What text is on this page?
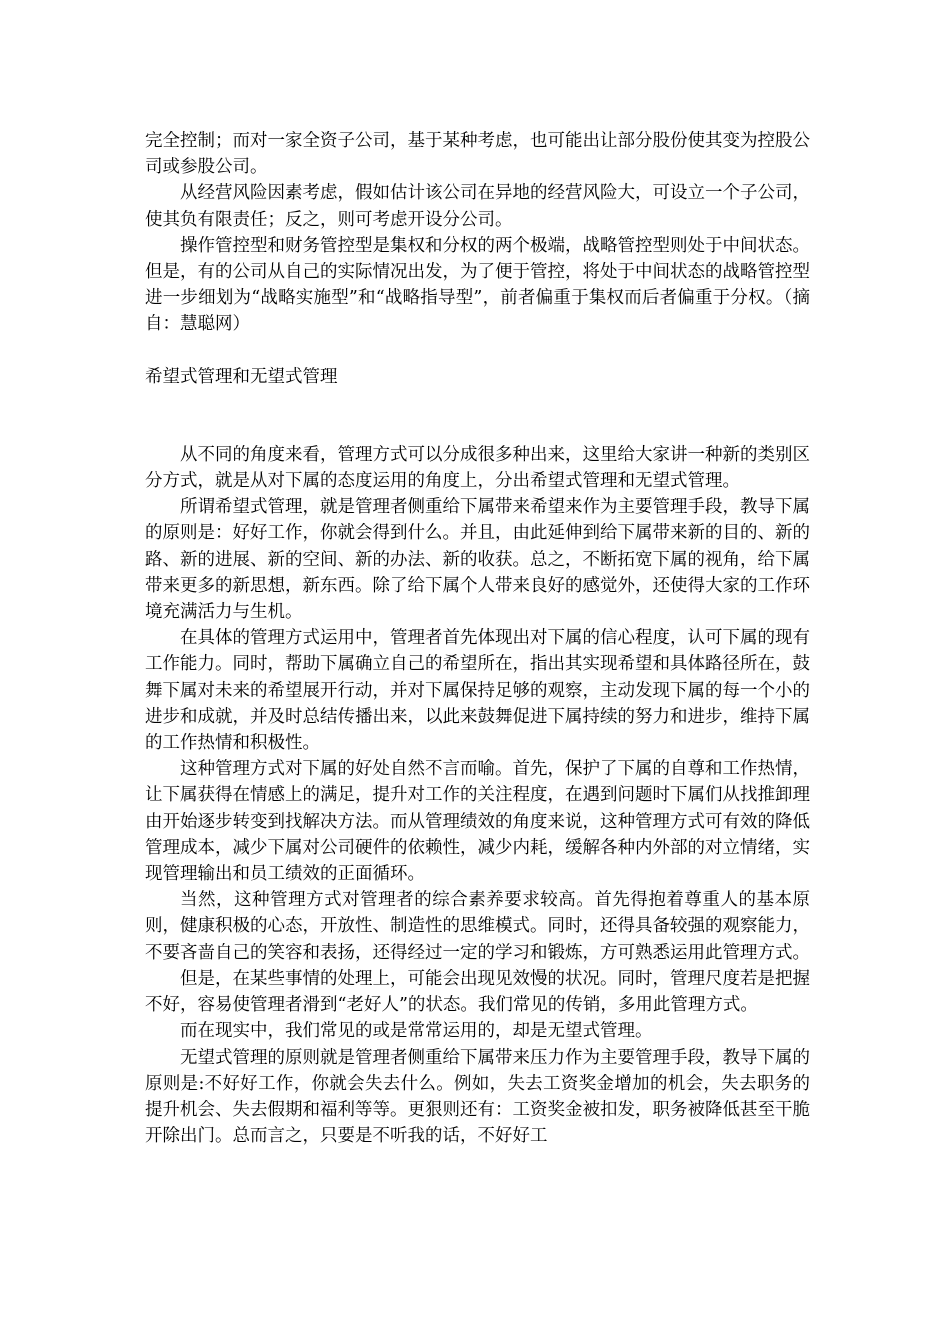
完全控制；而对一家全资子公司，基于某种考虑，也可能出让部分股份使其变为控股公司或参股公司。

从经营风险因素考虑，假如估计该公司在异地的经营风险大，可设立一个子公司，使其负有限责任；反之，则可考虑开设分公司。

操作管控型和财务管控型是集权和分权的两个极端，战略管控型则处于中间状态。但是，有的公司从自己的实际情况出发，为了便于管控，将处于中间状态的战略管控型进一步细划为“战略实施型”和“战略指导型”，前者偏重于集权而后者偏重于分权。（摘自：慧聪网）

希望式管理和无望式管理

从不同的角度来看，管理方式可以分成很多种出来，这里给大家讲一种新的类别区分方式，就是从对下属的态度运用的角度上，分出希望式管理和无望式管理。

所谓希望式管理，就是管理者侧重给下属带来希望来作为主要管理手段，教导下属的原则是：好好工作，你就会得到什么。并且，由此延伸到给下属带来新的目的、新的路、新的进展、新的空间、新的办法、新的收获。总之，不断拓宽下属的视角，给下属带来更多的新思想，新东西。除了给下属个人带来良好的感觉外，还使得大家的工作环境充满活力与生机。

在具体的管理方式运用中，管理者首先体现出对下属的信心程度，认可下属的现有工作能力。同时，帮助下属确立自己的希望所在，指出其实现希望和具体路径所在，鼓舞下属对未来的希望展开行动，并对下属保持足够的观察，主动发现下属的每一个小的进步和成就，并及时总结传播出来，以此来鼓舞促进下属持续的努力和进步，维持下属的工作热情和积极性。

这种管理方式对下属的好处自然不言而喻。首先，保护了下属的自尊和工作热情，让下属获得在情感上的满足，提升对工作的关注程度，在遇到问题时下属们从找推卸理由开始逐步转变到找解决方法。而从管理绩效的角度来说，这种管理方式可有效的降低管理成本，减少下属对公司硬件的依赖性，减少内耗，缓解各种内外部的对立情绪，实现管理输出和员工绩效的正面循环。

当然，这种管理方式对管理者的综合素养要求较高。首先得抱着尊重人的基本原则，健康积极的心态，开放性、制造性的思维模式。同时，还得具备较强的观察能力，不要吝啬自己的笑容和表扬，还得经过一定的学习和锻炼，方可熟悉运用此管理方式。

但是，在某些事情的处理上，可能会出现见效慢的状况。同时，管理尺度若是把握不好，容易使管理者滑到“老好人”的状态。我们常见的传销，多用此管理方式。

而在现实中，我们常见的或是常常运用的，却是无望式管理。

无望式管理的原则就是管理者侧重给下属带来压力作为主要管理手段，教导下属的原则是:不好好工作，你就会失去什么。例如，失去工资奖金增加的机会，失去职务的提升机会、失去假期和福利等等。更狠则还有：工资奖金被扣发，职务被降低甚至干脆开除出门。总而言之，只要是不听我的话，不好好工
